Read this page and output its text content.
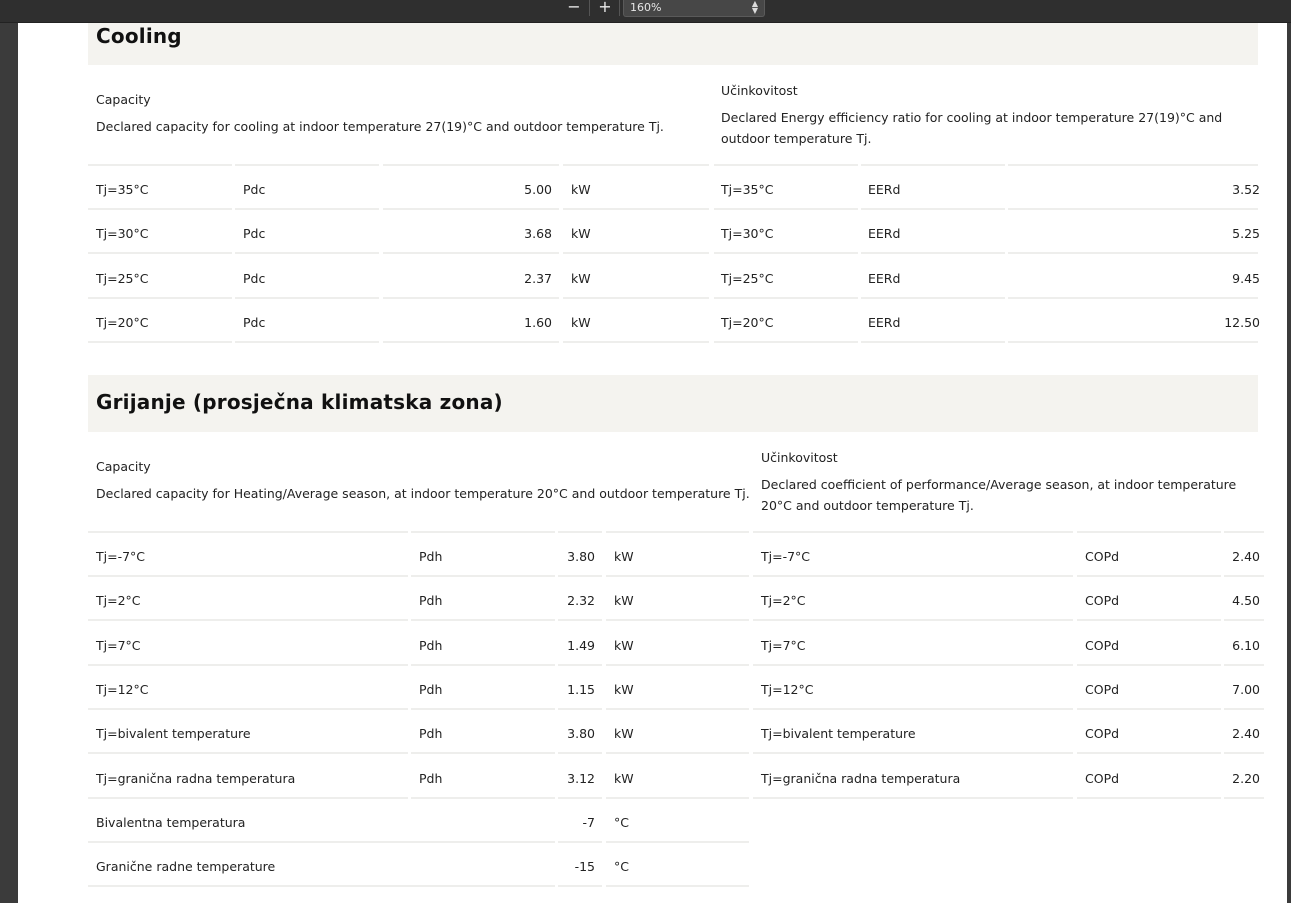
− +	160%	▲
▼
Cooling
Capacity
Declared capacity for cooling at indoor temperature 27(19)°C and outdoor temperature Tj.
Učinkovitost
Declared Energy efficiency ratio for cooling at indoor temperature 27(19)°C and outdoor temperature Tj.
Tj=35°C	Pdc	5.00 kW	Tj=35°C	EERd	3.52
Tj=30°C	Pdc	3.68 kW	Tj=30°C	EERd	5.25
Tj=25°C	Pdc	2.37 kW	Tj=25°C	EERd	9.45
Tj=20°C	Pdc	1.60 kW	Tj=20°C	EERd	12.50
Grijanje (prosječna klimatska zona)
Capacity
Declared capacity for Heating/Average season, at indoor temperature 20°C and outdoor temperature Tj.
Učinkovitost
Declared coefficient of performance/Average season, at indoor temperature 20°C and outdoor temperature Tj.
Tj=-7°C	Pdh	3.80 kW	Tj=-7°C	COPd	2.40
Tj=2°C	Pdh	2.32 kW	Tj=2°C	COPd	4.50
Tj=7°C	Pdh	1.49 kW	Tj=7°C	COPd	6.10
Tj=12°C	Pdh	1.15 kW	Tj=12°C	COPd	7.00
Tj=bivalent temperature	Pdh	3.80 kW	Tj=bivalent temperature	COPd	2.40
Tj=granična radna temperatura	Pdh	3.12 kW	Tj=granična radna temperatura	COPd	2.20
Bivalentna temperatura	-7 °C
Granične radne temperature	-15 °C
